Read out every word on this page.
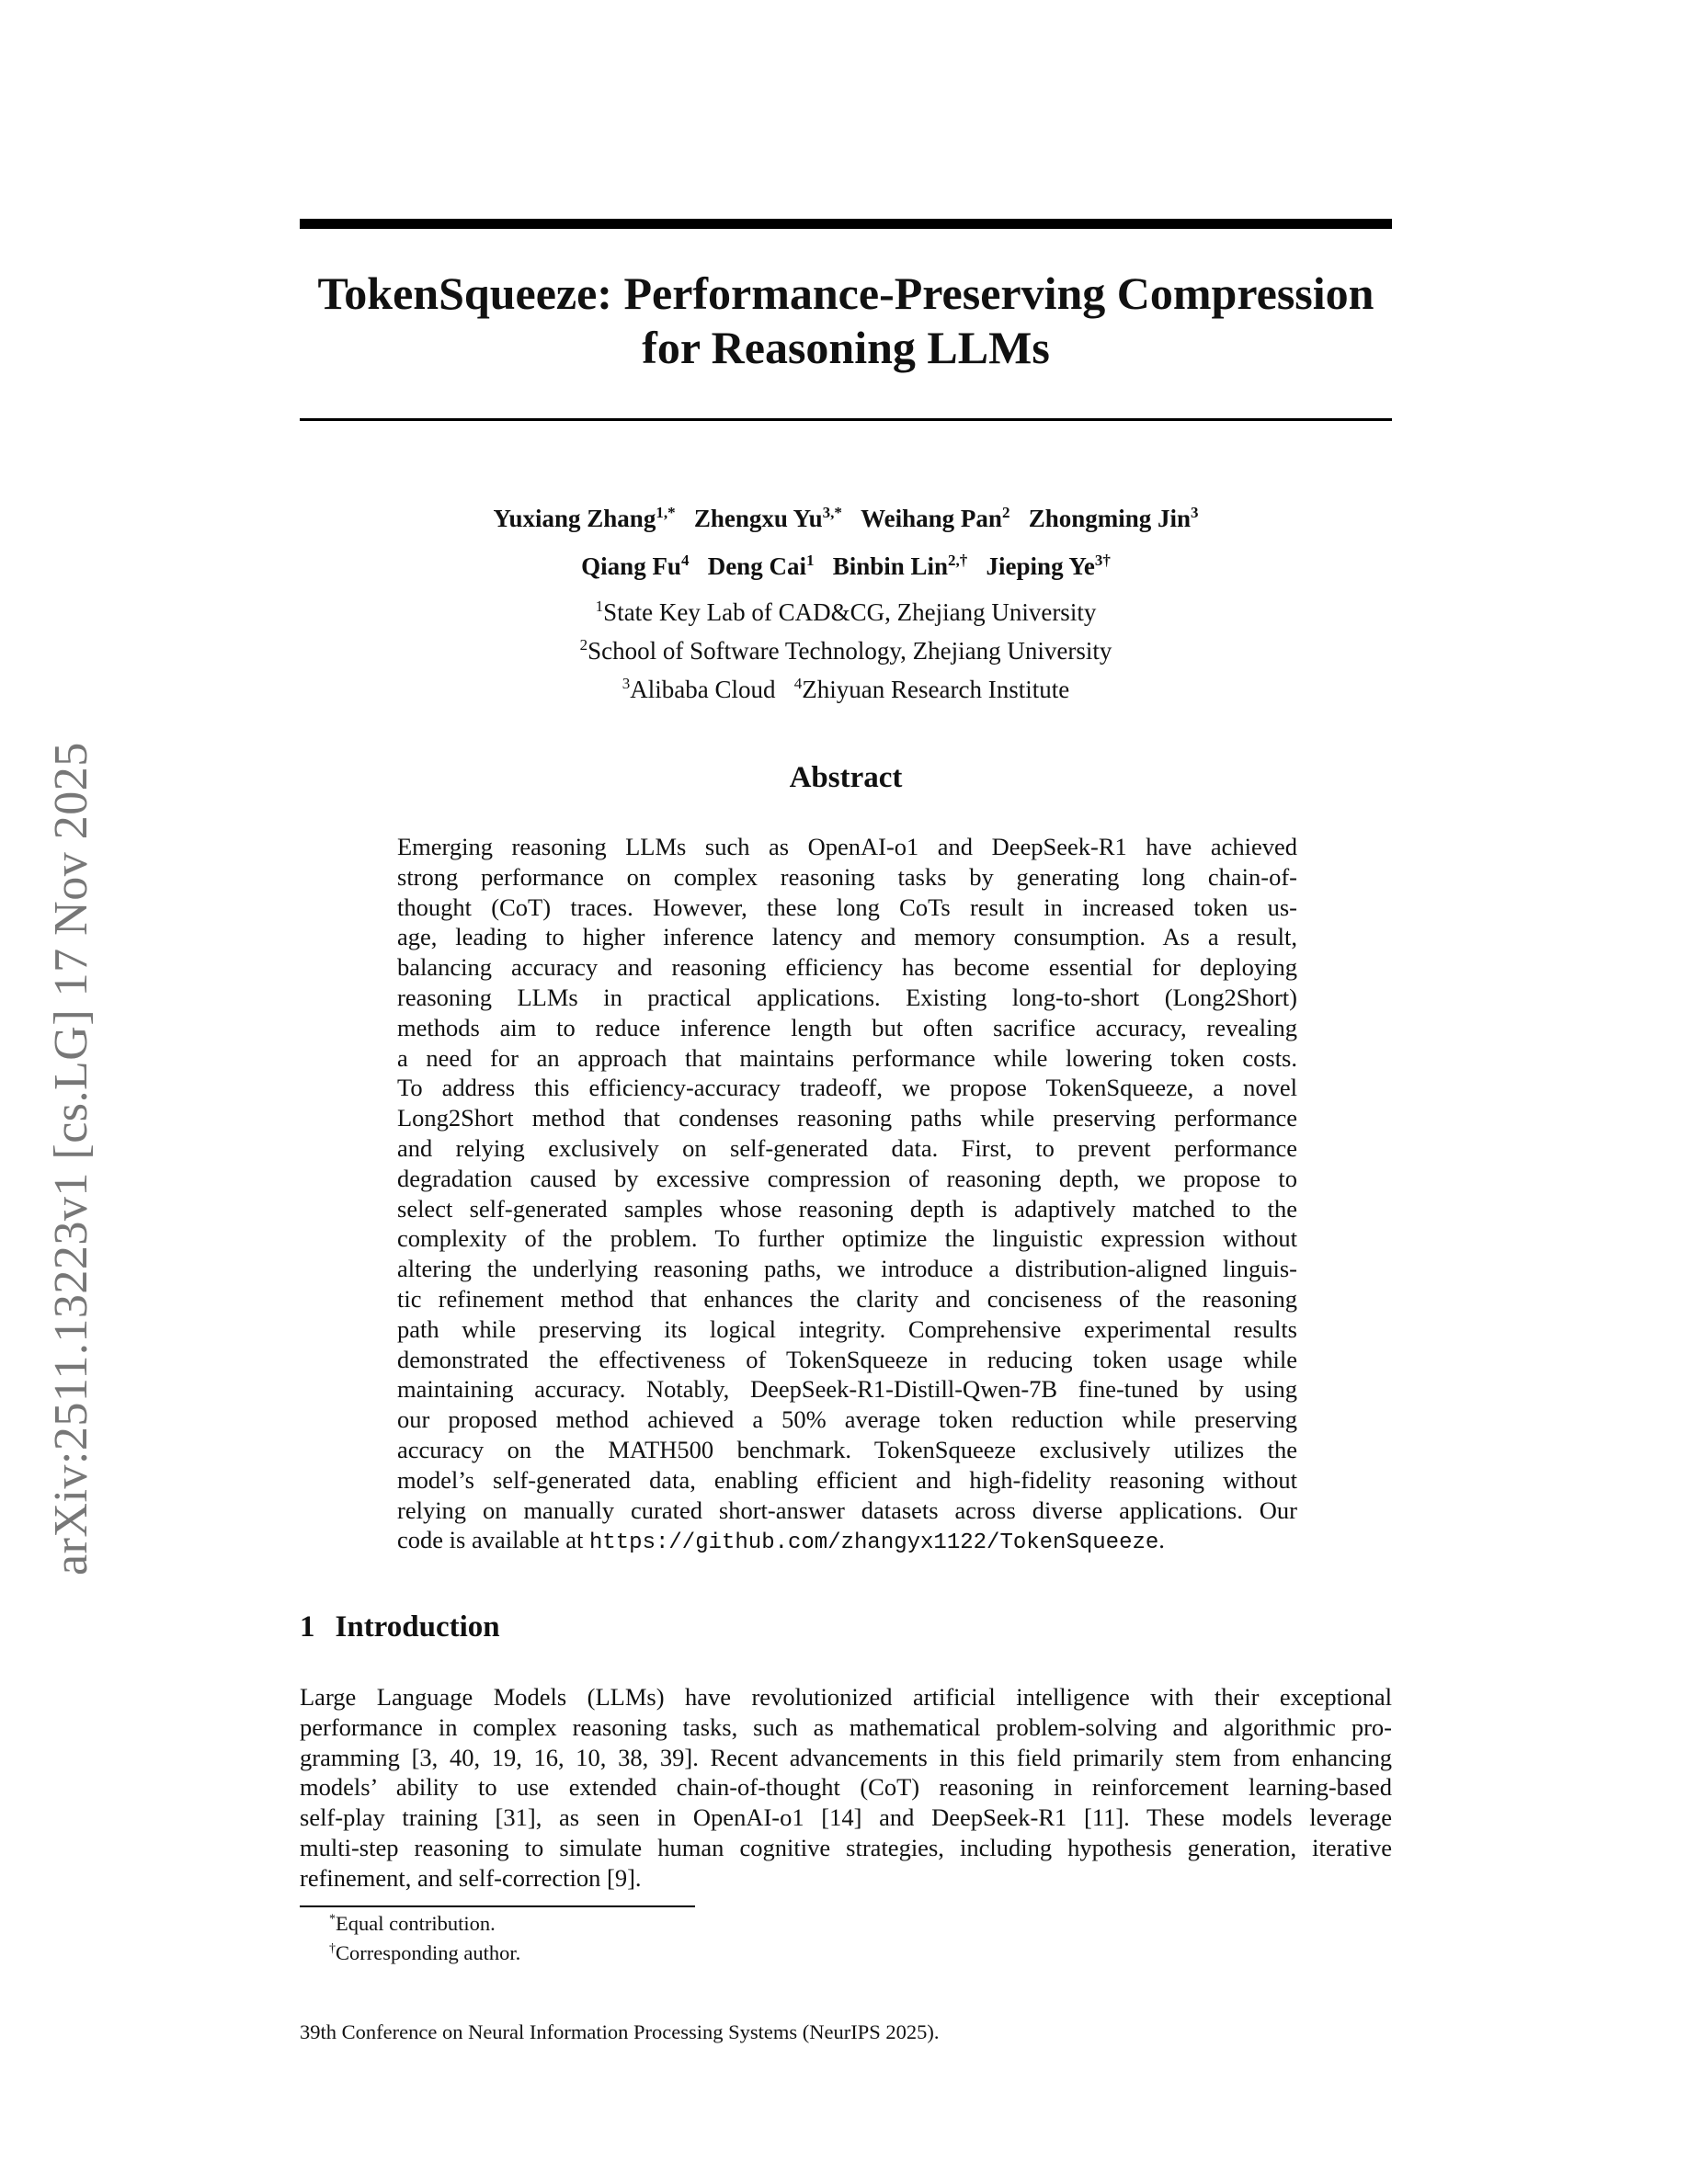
arXiv:2511.13223v1 [cs.LG] 17 Nov 2025
TokenSqueeze: Performance-Preserving Compression
for Reasoning LLMs
Yuxiang Zhang$^{1,*}$ Zhengxu $Yu^{3,*}$ Weihang Pan$^2$ Zhongming Jin$^3$
Qiang Fu$^4$ Deng Cai$^1$ Binbin Lin$^{2,\dagger}$ Jieping $Ye^{3\dagger}$
$^1$State Key Lab of CAD&CG, Zhejiang University
$^2$School of Software Technology, Zhejiang University
$^3$Alibaba Cloud $^4$Zhiyuan Research Institute
Abstract
Emerging reasoning LLMs such as OpenAI-o1 and DeepSeek-R1 have achieved
strong performance on complex reasoning tasks by generating long chain-of-
thought (CoT) traces. However, these long CoTs result in increased token us-
age, leading to higher inference latency and memory consumption. As a result,
balancing accuracy and reasoning efficiency has become essential for deploying
reasoning LLMs in practical applications. Existing long-to-short (Long2Short)
methods aim to reduce inference length but often sacrifice accuracy, revealing
a need for an approach that maintains performance while lowering token costs.
To address this efficiency-accuracy tradeoff, we propose TokenSqueeze, a novel
Long2Short method that condenses reasoning paths while preserving performance
and relying exclusively on self-generated data. First, to prevent performance
degradation caused by excessive compression of reasoning depth, we propose to
select self-generated samples whose reasoning depth is adaptively matched to the
complexity of the problem. To further optimize the linguistic expression without
altering the underlying reasoning paths, we introduce a distribution-aligned linguis-
tic refinement method that enhances the clarity and conciseness of the reasoning
path while preserving its logical integrity. Comprehensive experimental results
demonstrated the effectiveness of TokenSqueeze in reducing token usage while
maintaining accuracy. Notably, DeepSeek-R1-Distill-Qwen-7B fine-tuned by using
our proposed method achieved a 50% average token reduction while preserving
accuracy on the MATH500 benchmark. TokenSqueeze exclusively utilizes the
model’s self-generated data, enabling efficient and high-fidelity reasoning without
relying on manually curated short-answer datasets across diverse applications. Our
code is available at https://github.com/zhangyx1122/TokenSqueeze.
1 Introduction
Large Language Models (LLMs) have revolutionized artificial intelligence with their exceptional
performance in complex reasoning tasks, such as mathematical problem-solving and algorithmic pro-
gramming [3, 40, 19, 16, 10, 38, 39]. Recent advancements in this field primarily stem from enhancing
models’ ability to use extended chain-of-thought (CoT) reasoning in reinforcement learning-based
self-play training [31], as seen in OpenAI-o1 [14] and DeepSeek-R1 [11]. These models leverage
multi-step reasoning to simulate human cognitive strategies, including hypothesis generation, iterative
refinement, and self-correction [9].
*Equal contribution.
†Corresponding author.
39th Conference on Neural Information Processing Systems (NeurIPS 2025).
